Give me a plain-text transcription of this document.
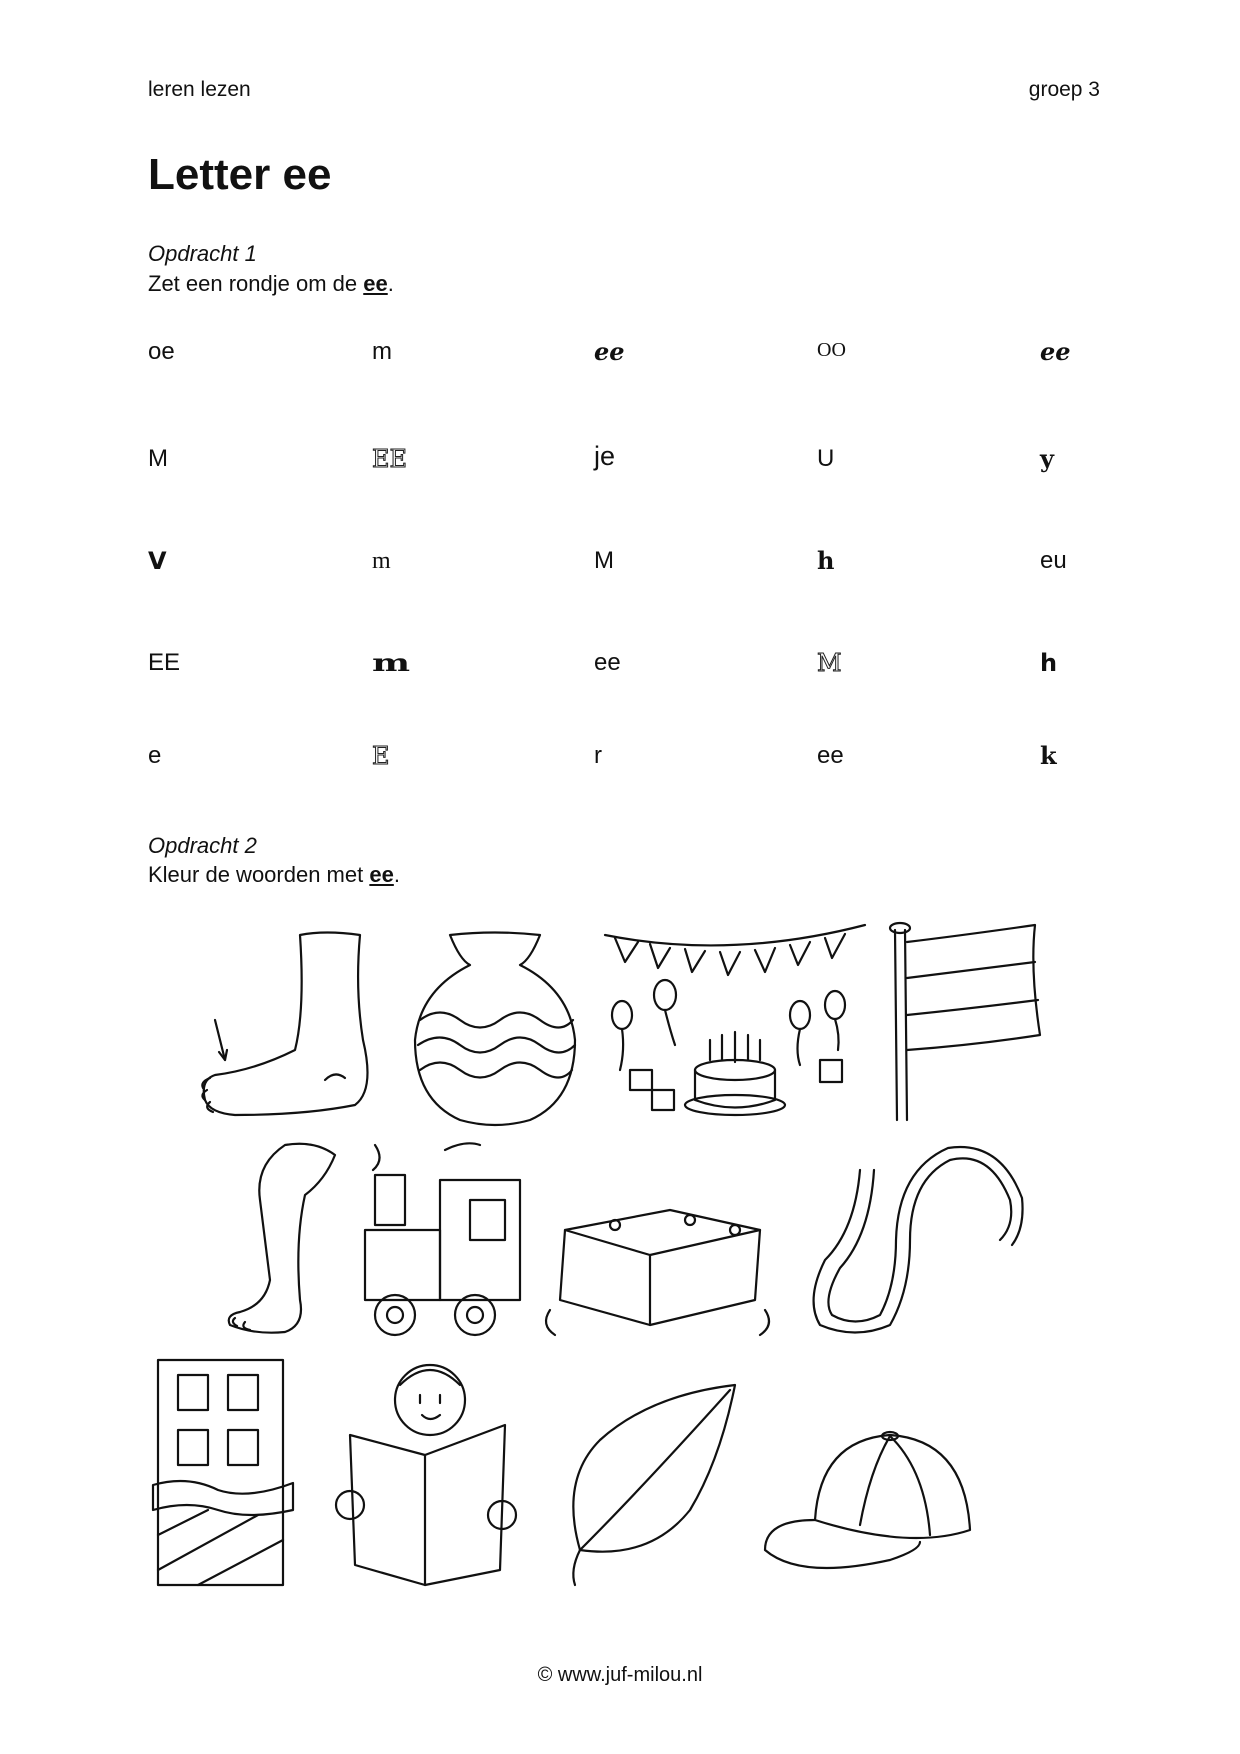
leren lezen	groep 3
Letter ee
Opdracht 1
Zet een rondje om de ee.
oe	m	ee	OO	ee
M	EE	je	U	y
V	m	M	h	eu
EE	m	ee	M	h
e	E	r	ee	k
Opdracht 2
Kleur de woorden met ee.
© www.juf-milou.nl
